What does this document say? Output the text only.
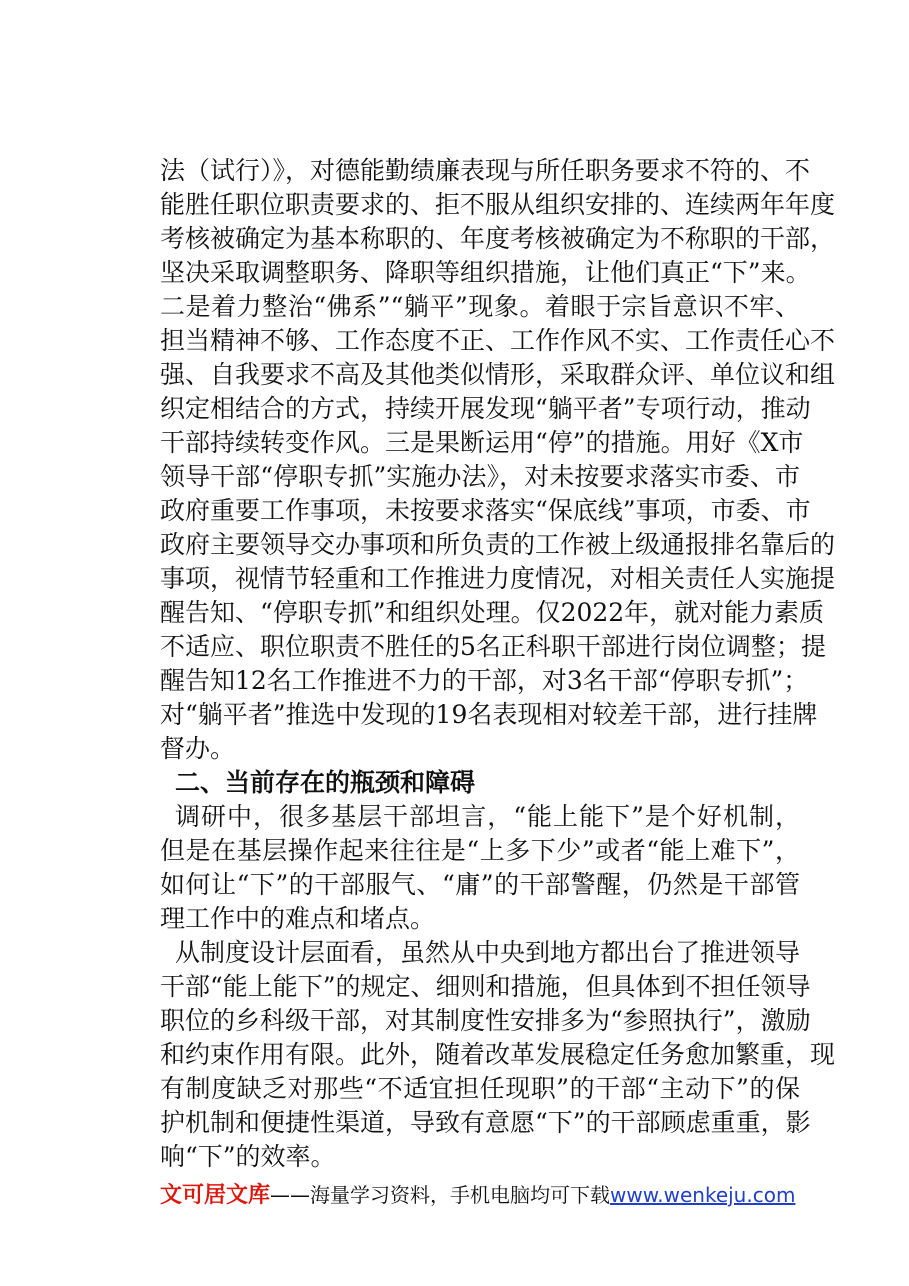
法（试行）》，对德能勤绩廉表现与所任职务要求不符的、不
能胜任职位职责要求的、拒不服从组织安排的、连续两年年度
考核被确定为基本称职的、年度考核被确定为不称职的干部，
坚决采取调整职务、降职等组织措施，让他们真正“下”来。
二是着力整治“佛系”“躺平”现象。着眼于宗旨意识不牢、
担当精神不够、工作态度不正、工作作风不实、工作责任心不
强、自我要求不高及其他类似情形，采取群众评、单位议和组
织定相结合的方式，持续开展发现“躺平者”专项行动，推动
干部持续转变作风。三是果断运用“停”的措施。用好《X市
领导干部“停职专抓”实施办法》，对未按要求落实市委、市
政府重要工作事项，未按要求落实“保底线”事项，市委、市
政府主要领导交办事项和所负责的工作被上级通报排名靠后的
事项，视情节轻重和工作推进力度情况，对相关责任人实施提
醒告知、“停职专抓”和组织处理。仅2022年，就对能力素质
不适应、职位职责不胜任的5名正科职干部进行岗位调整；提
醒告知12名工作推进不力的干部，对3名干部“停职专抓”；
对“躺平者”推选中发现的19名表现相对较差干部，进行挂牌
督办。
二、当前存在的瓶颈和障碍
调研中，很多基层干部坦言，“能上能下”是个好机制，
但是在基层操作起来往往是“上多下少”或者“能上难下”，
如何让“下”的干部服气、“庸”的干部警醒，仍然是干部管
理工作中的难点和堵点。
从制度设计层面看，虽然从中央到地方都出台了推进领导
干部“能上能下”的规定、细则和措施，但具体到不担任领导
职位的乡科级干部，对其制度性安排多为“参照执行”，激励
和约束作用有限。此外，随着改革发展稳定任务愈加繁重，现
有制度缺乏对那些“不适宜担任现职”的干部“主动下”的保
护机制和便捷性渠道，导致有意愿“下”的干部顾虑重重，影
响“下”的效率。
文可居文库——海量学习资料，手机电脑均可下载www.wenkeju.com
